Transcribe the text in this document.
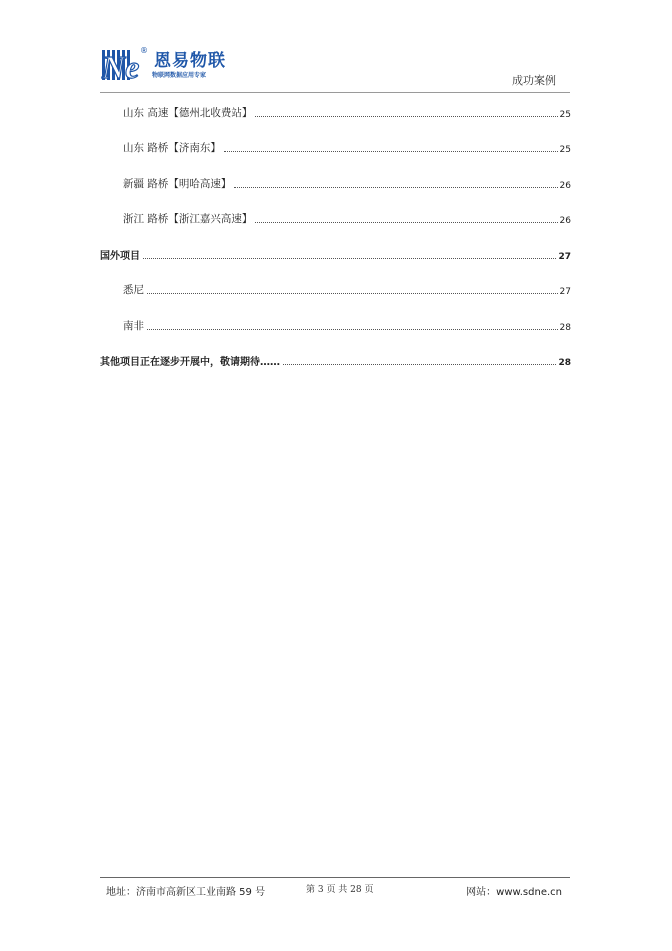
Ne ®
恩易物联
物联网数据应用专家	成功案例
山东 高速【德州北收费站】	25
山东 路桥【济南东】	25
新疆 路桥【明哈高速】	26
浙江 路桥【浙江嘉兴高速】	26
国外项目	27
悉尼	27
南非	28
其他项目正在逐步开展中，敬请期待……	28
地址：济南市高新区工业南路 59 号	第 3 页 共 28 页	网站：www.sdne.cn
